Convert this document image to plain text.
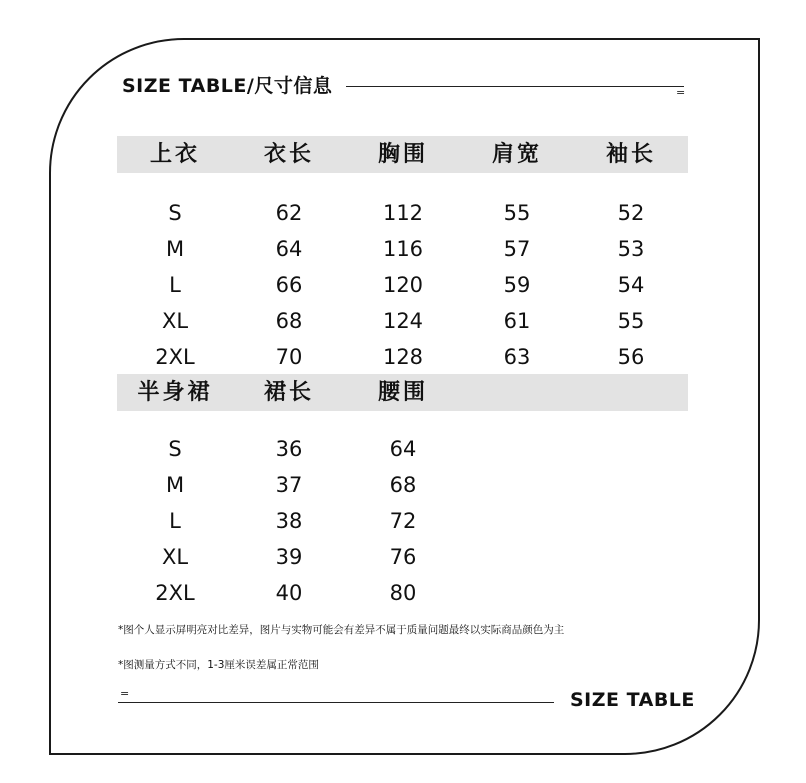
SIZE TABLE/尺寸信息	=
上衣	衣长	胸围	肩宽	袖长
S	62	112	55	52
M	64	116	57	53
L	66	120	59	54
XL	68	124	61	55
2XL	70	128	63	56
半身裙	裙长	腰围
S	36	64
M	37	68
L	38	72
XL	39	76
2XL	40	80
*图个人显示屏明亮对比差异，图片与实物可能会有差异不属于质量问题最终以实际商品颜色为主
*图测量方式不同，1-3厘米误差属正常范围
=	SIZE TABLE
